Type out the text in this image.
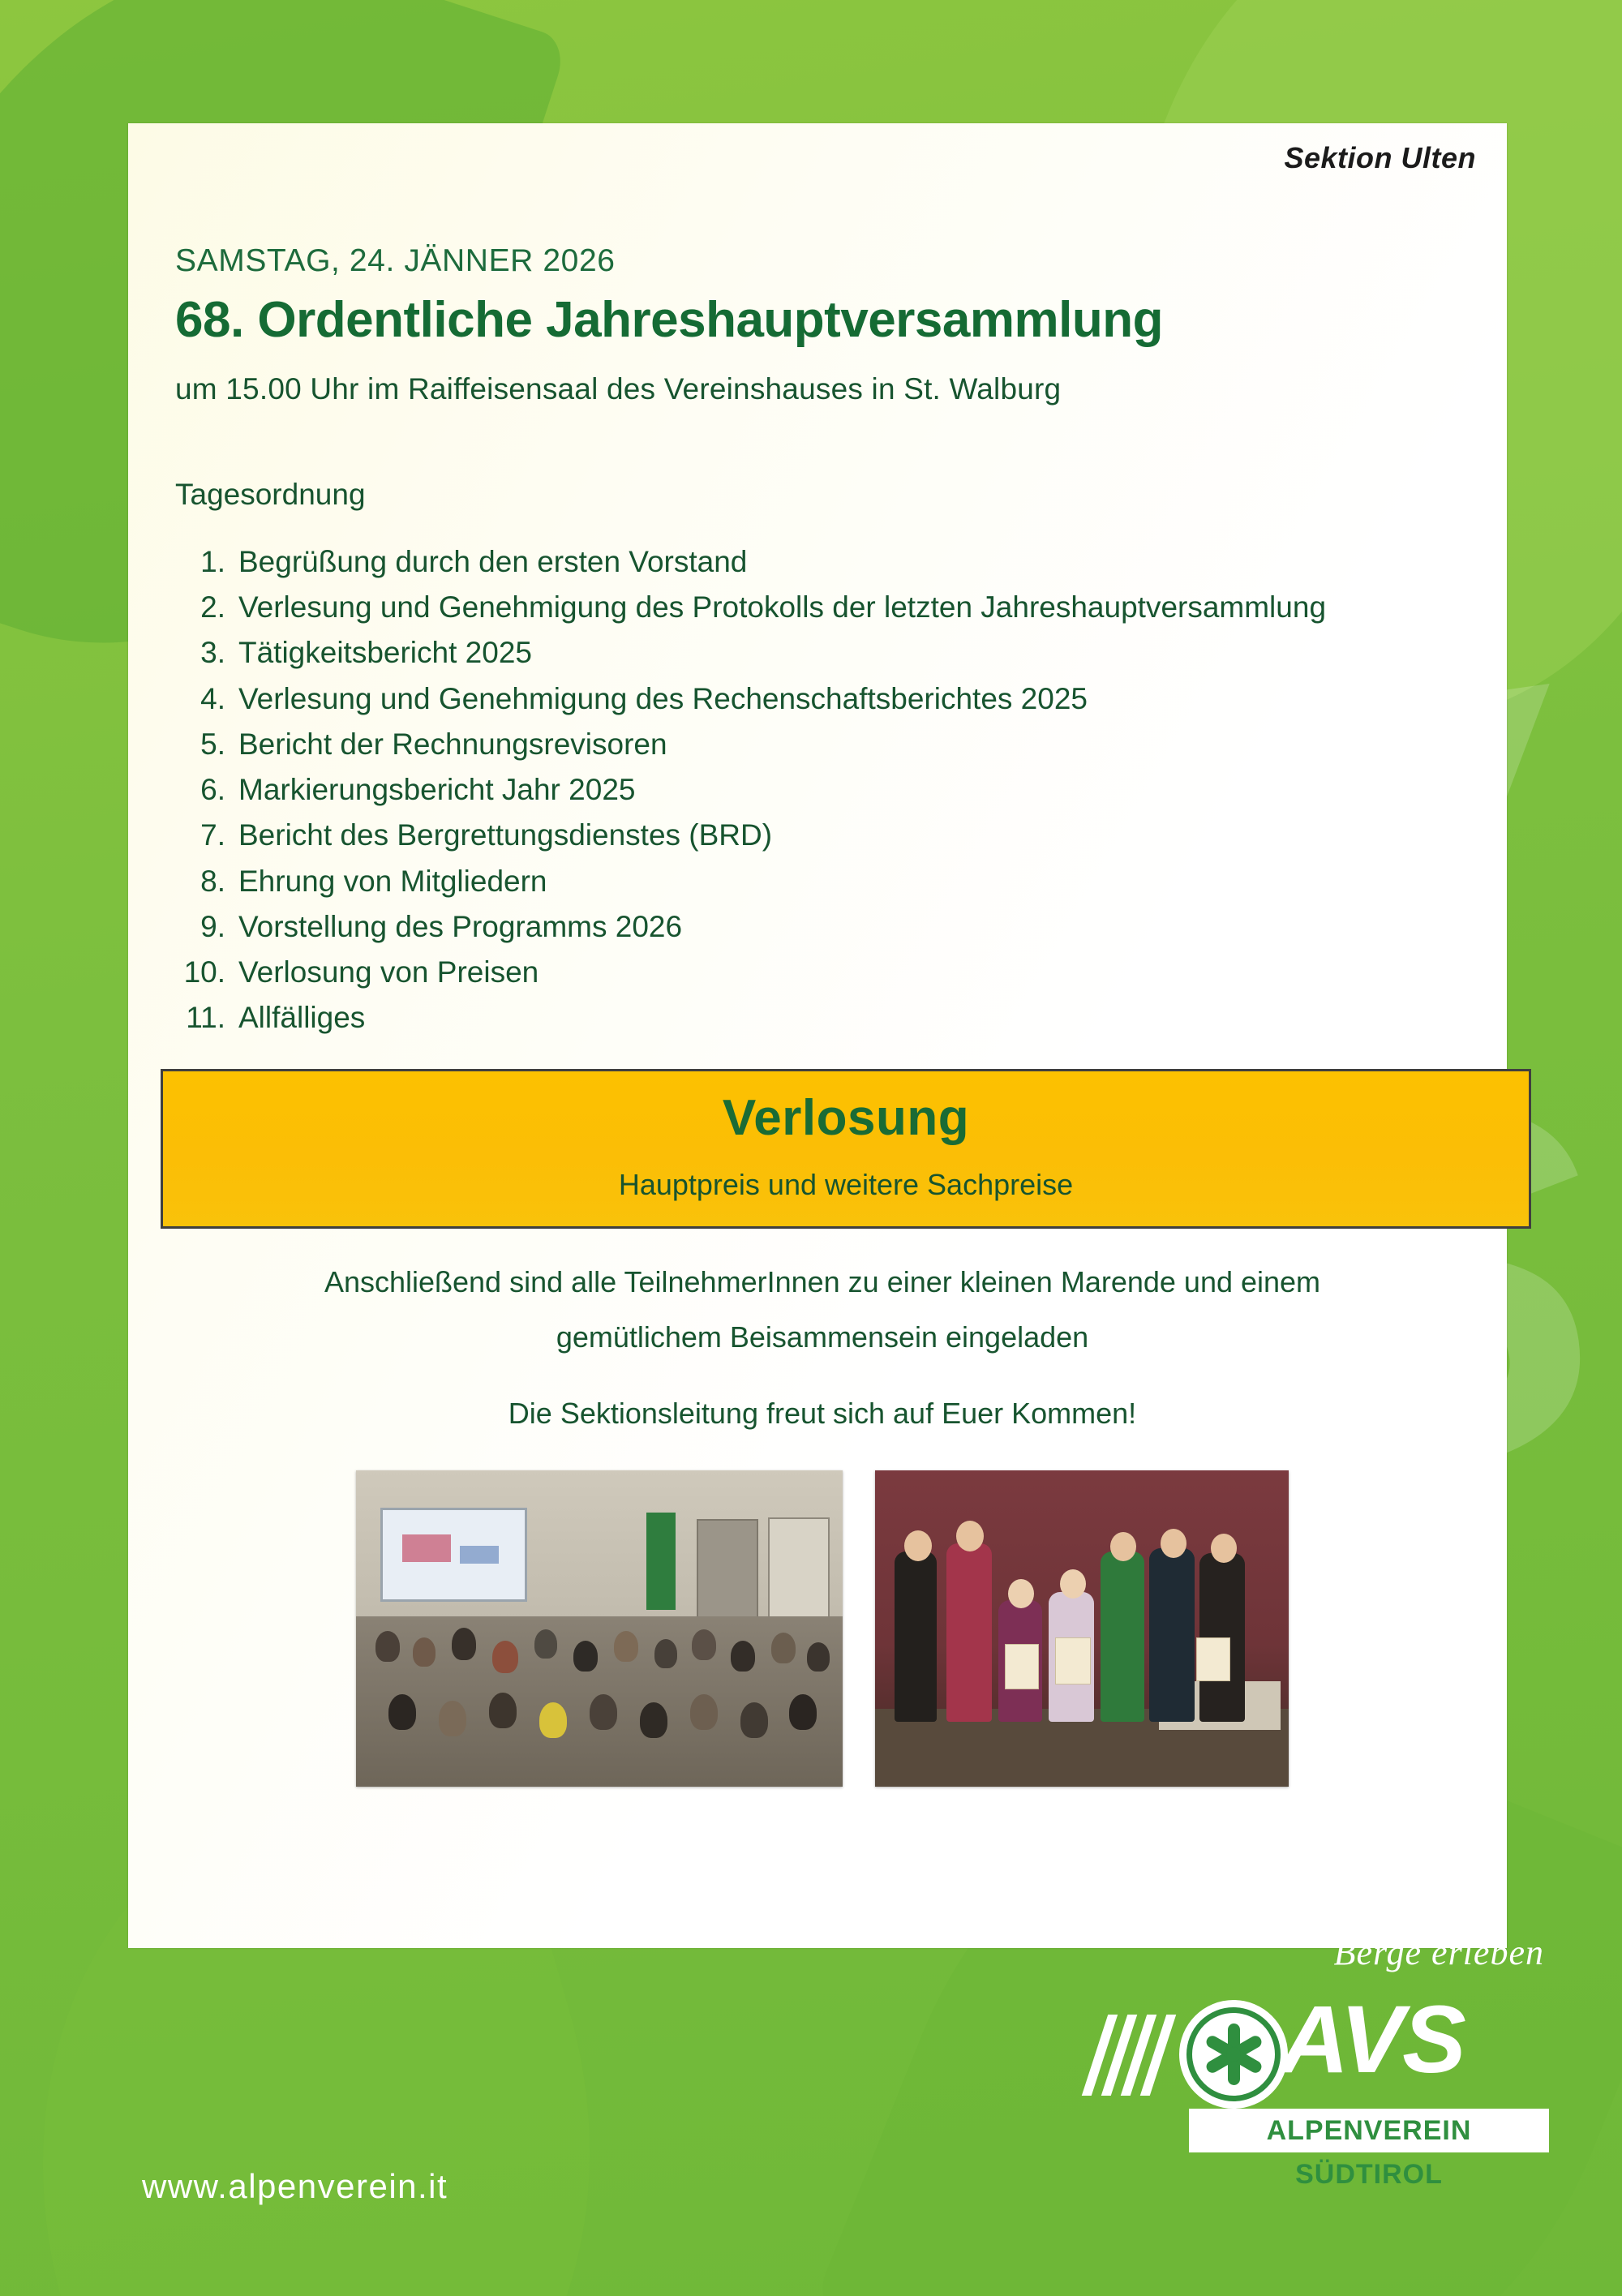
Sektion Ulten
SAMSTAG, 24. JÄNNER 2026
68. Ordentliche Jahreshauptversammlung
um 15.00 Uhr im Raiffeisensaal des Vereinshauses in St. Walburg
Tagesordnung
1. Begrüßung durch den ersten Vorstand
2. Verlesung und Genehmigung des Protokolls der letzten Jahreshauptversammlung
3. Tätigkeitsbericht 2025
4. Verlesung und Genehmigung des Rechenschaftsberichtes 2025
5. Bericht der Rechnungsrevisoren
6. Markierungsbericht Jahr 2025
7. Bericht des Bergrettungsdienstes (BRD)
8. Ehrung von Mitgliedern
9. Vorstellung des Programms 2026
10. Verlosung von Preisen
11. Allfälliges
Verlosung
Hauptpreis und weitere Sachpreise

Anschließend sind alle TeilnehmerInnen zu einer kleinen Marende und einem

gemütlichem Beisammensein eingeladen

Die Sektionsleitung freut sich auf Euer Kommen!

Berge erleben
AVS
ALPENVEREIN SÜDTIROL
www.alpenverein.it
